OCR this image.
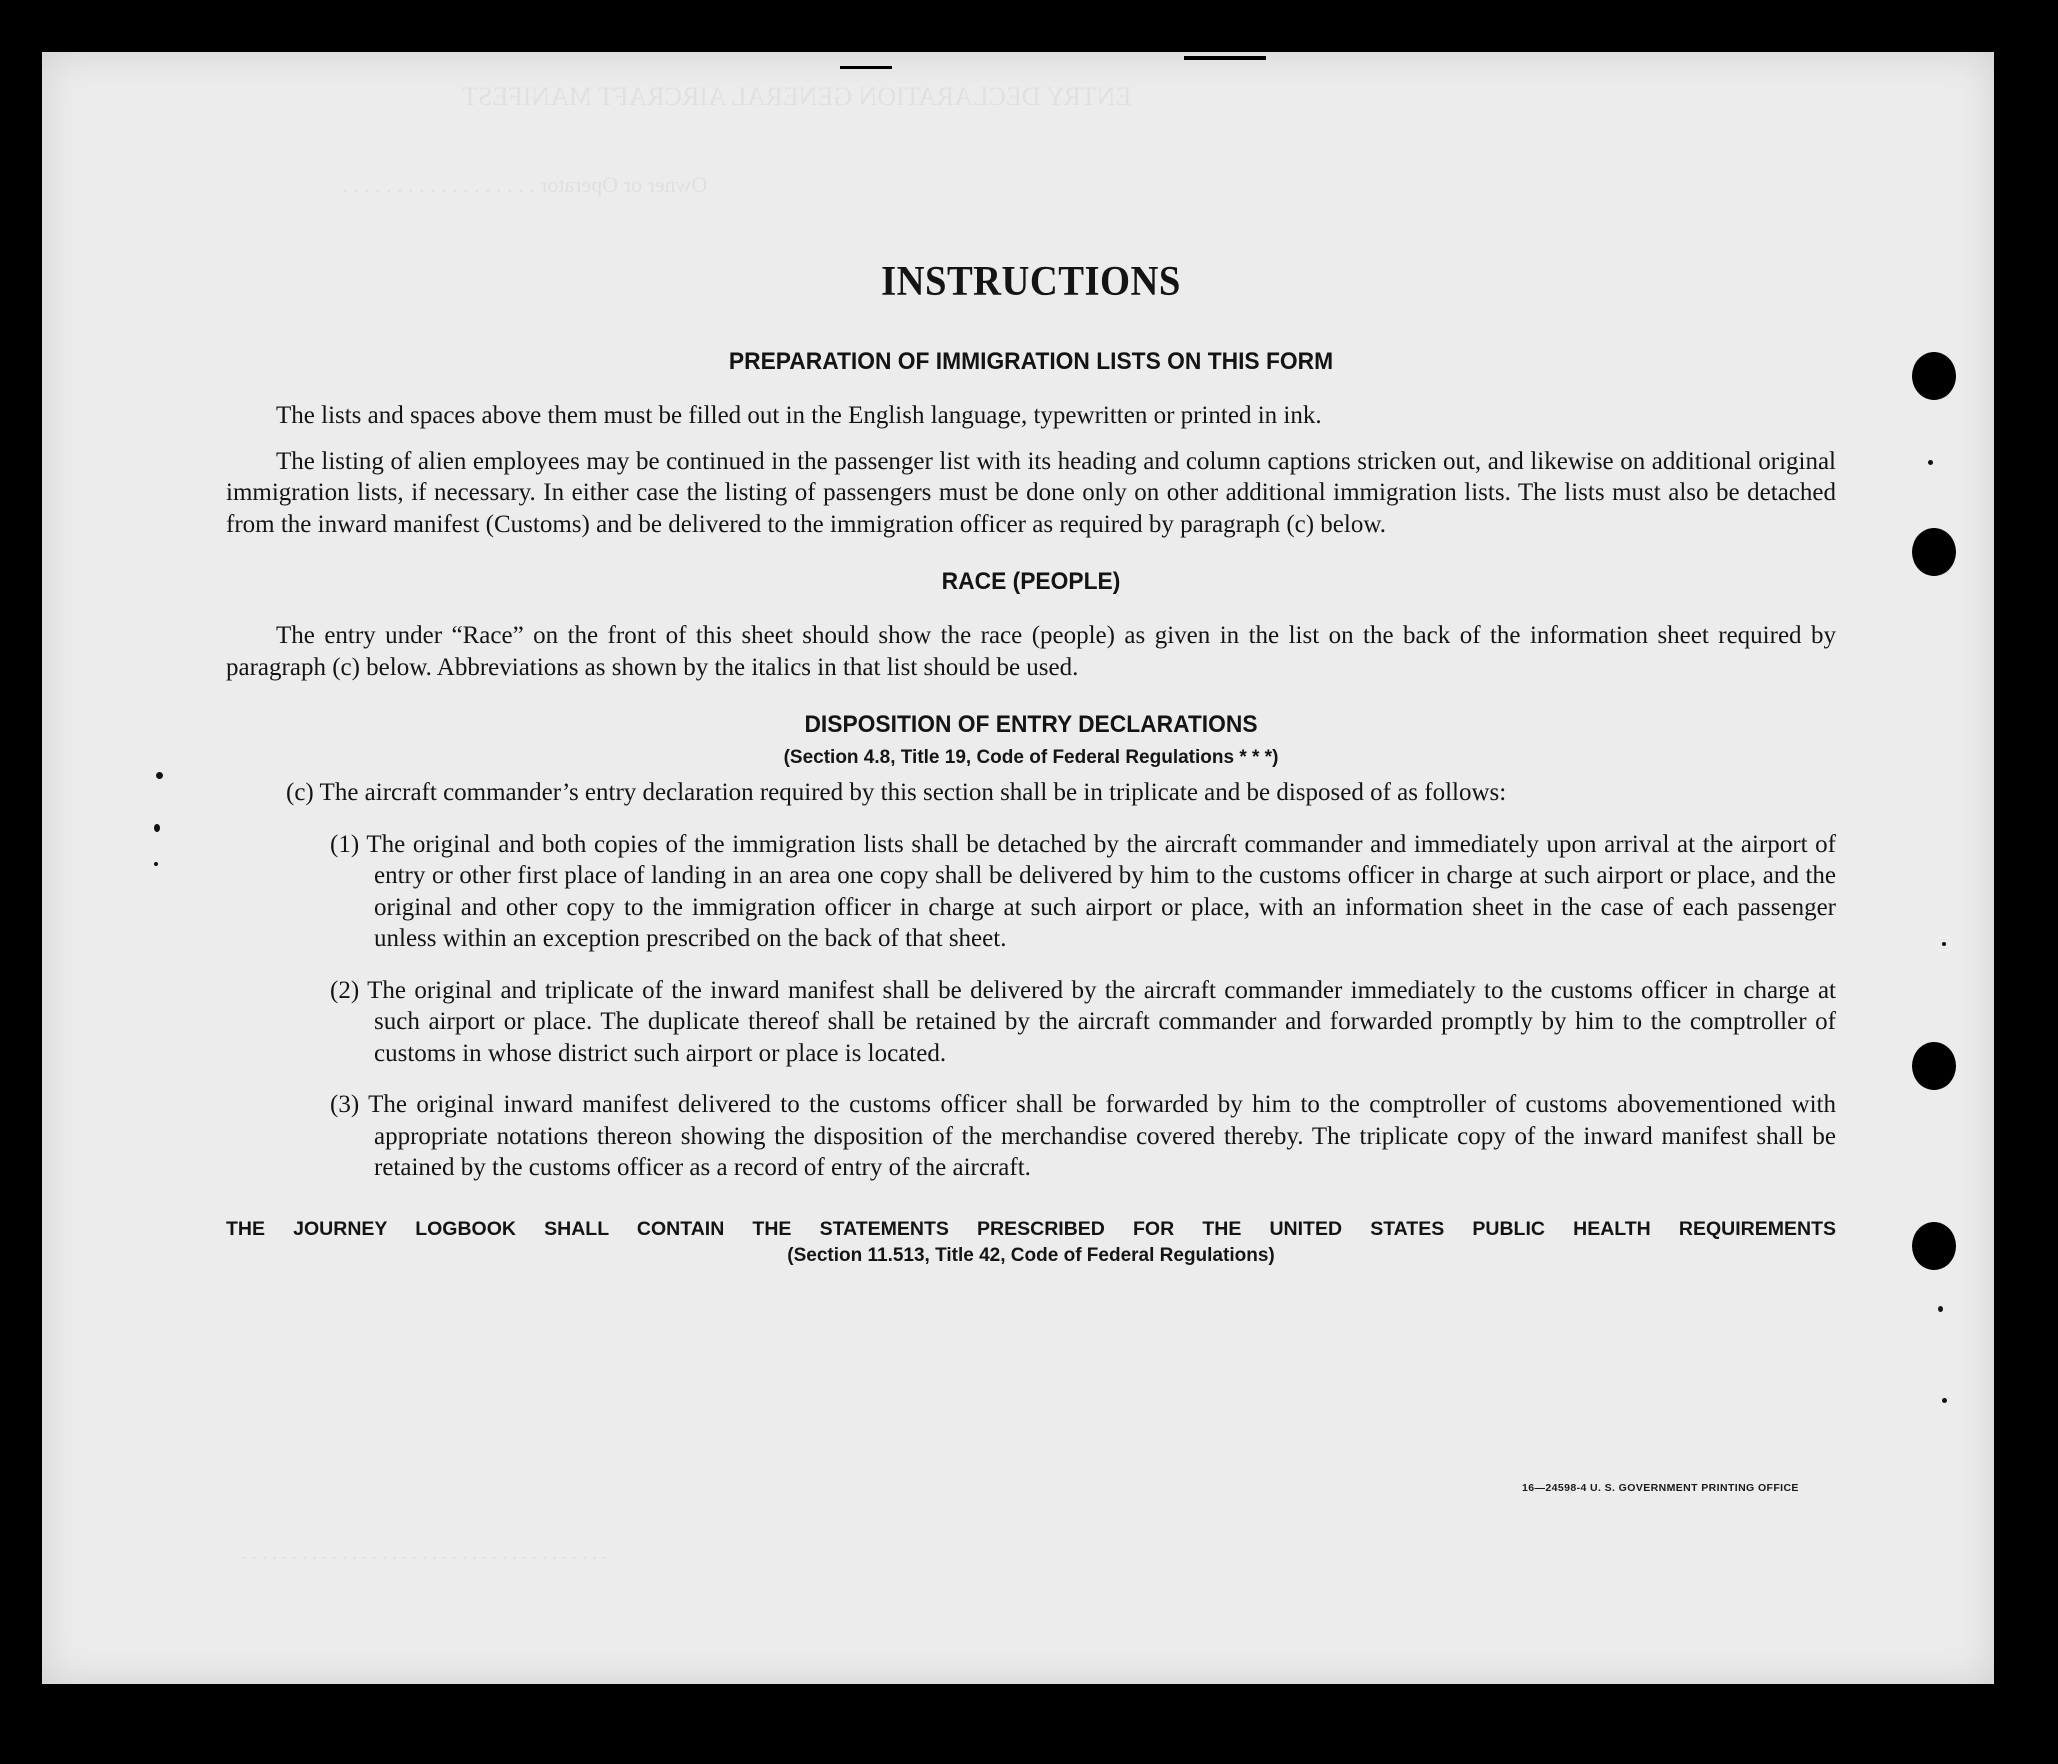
ENTRY DECLARATION GENERAL AIRCRAFT MANIFEST
Owner or Operator . . . . . . . . . . . . . . . . . .
. . . . . . . . . . . . . . . . . . . . . . . . . . . . . . . . . . . . .
16—24598-4 U. S. GOVERNMENT PRINTING OFFICE
INSTRUCTIONS
PREPARATION OF IMMIGRATION LISTS ON THIS FORM

The lists and spaces above them must be filled out in the English language, typewritten or printed in ink.

The listing of alien employees may be continued in the passenger list with its heading and column captions stricken out, and likewise on additional original immigration lists, if necessary. In either case the listing of passengers must be done only on other additional immigration lists. The lists must also be detached from the inward manifest (Customs) and be delivered to the immigration officer as required by paragraph (c) below.

RACE (PEOPLE)

The entry under “Race” on the front of this sheet should show the race (people) as given in the list on the back of the information sheet required by paragraph (c) below. Abbreviations as shown by the italics in that list should be used.

DISPOSITION OF ENTRY DECLARATIONS
(Section 4.8, Title 19, Code of Federal Regulations * * *)

(c) The aircraft commander’s entry declaration required by this section shall be in triplicate and be disposed of as follows:

(1) The original and both copies of the immigration lists shall be detached by the aircraft commander and immediately upon arrival at the airport of entry or other first place of landing in an area one copy shall be delivered by him to the customs officer in charge at such airport or place, and the original and other copy to the immigration officer in charge at such airport or place, with an information sheet in the case of each passenger unless within an exception prescribed on the back of that sheet.

(2) The original and triplicate of the inward manifest shall be delivered by the aircraft commander immediately to the customs officer in charge at such airport or place. The duplicate thereof shall be retained by the aircraft commander and forwarded promptly by him to the comptroller of customs in whose district such airport or place is located.

(3) The original inward manifest delivered to the customs officer shall be forwarded by him to the comptroller of customs abovementioned with appropriate notations thereon showing the disposition of the merchandise covered thereby. The triplicate copy of the inward manifest shall be retained by the customs officer as a record of entry of the aircraft.

THE JOURNEY LOGBOOK SHALL CONTAIN THE STATEMENTS PRESCRIBED FOR THE UNITED STATES PUBLIC HEALTH REQUIREMENTS

(Section 11.513, Title 42, Code of Federal Regulations)
